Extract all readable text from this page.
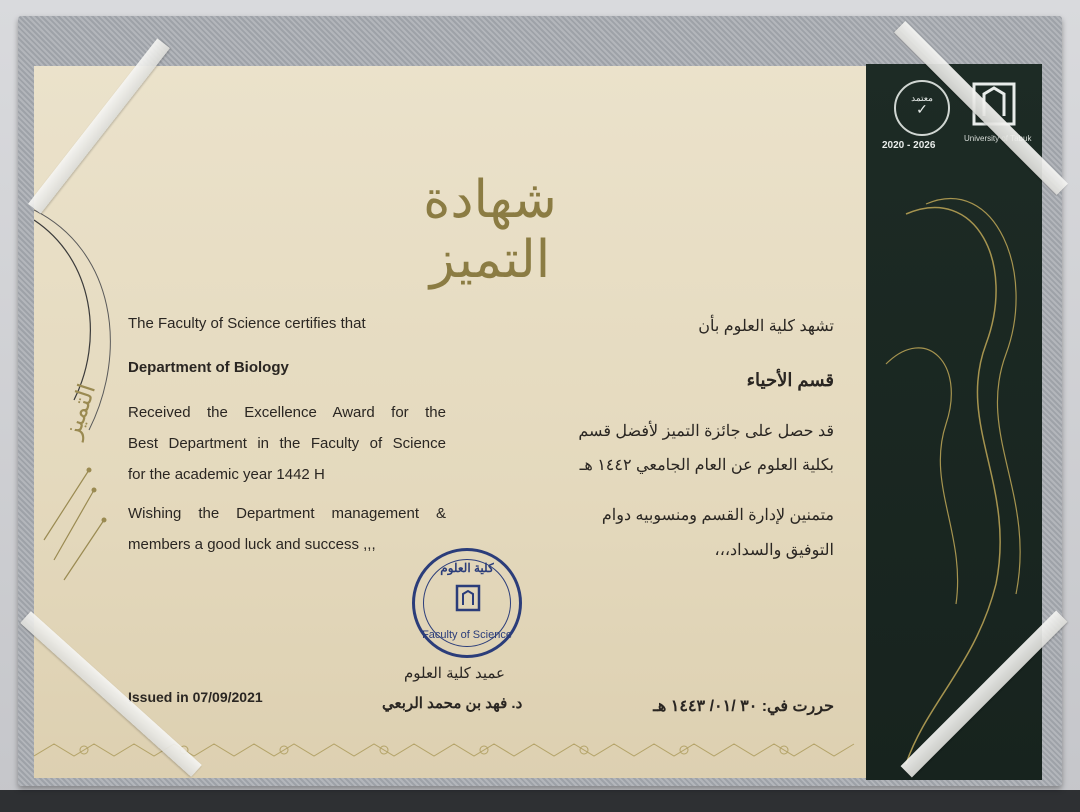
التميز
معتمد
✓
2020 - 2026
University of Tabuk
شهادة التميز
The Faculty of Science certifies that
Department of Biology
Received the Excellence Award for the
Best Department in the Faculty of Science
for the academic year 1442 H
Wishing the Department management &
members a good luck and success ,,,
Issued in 07/09/2021
تشهد كلية العلوم بأن
قسم الأحياء
قد حصل على جائزة التميز لأفضل قسم
بكلية العلوم عن العام الجامعي ١٤٤٢ هـ
متمنين لإدارة القسم ومنسوبيه دوام
التوفيق والسداد،،،
حررت في: ٣٠ /٠١/ ١٤٤٣ هـ
كلية العلوم
Faculty of Science
عميد كلية العلوم
د. فهد بن محمد الربعي
